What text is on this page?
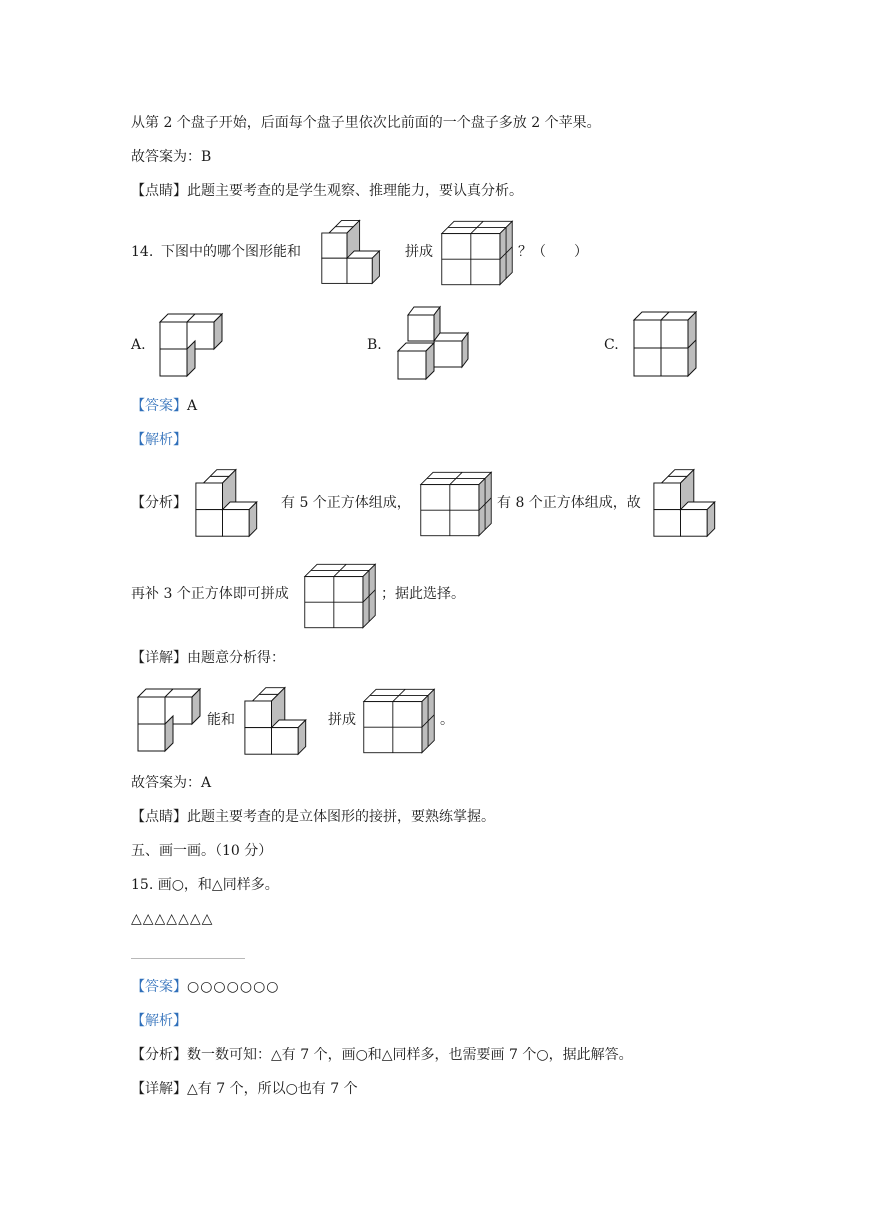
从第 2 个盘子开始，后面每个盘子里依次比前面的一个盘子多放 2 个苹果。
故答案为：B
【点睛】此题主要考查的是学生观察、推理能力，要认真分析。
14. 下图中的哪个图形能和	拼成	？（　　）
A.	B.	C.
【答案】A
【解析】
【分析】	有 5 个正方体组成，	有 8 个正方体组成，故
再补 3 个正方体即可拼成	；据此选择。
【详解】由题意分析得：
能和	拼成	。
故答案为：A
【点睛】此题主要考查的是立体图形的接拼，要熟练掌握。
五、画一画。（10 分）
15. 画○，和△同样多。
△△△△△△△
【答案】○○○○○○○
【解析】
【分析】数一数可知：△有 7 个，画○和△同样多，也需要画 7 个○，据此解答。
【详解】△有 7 个，所以○也有 7 个
